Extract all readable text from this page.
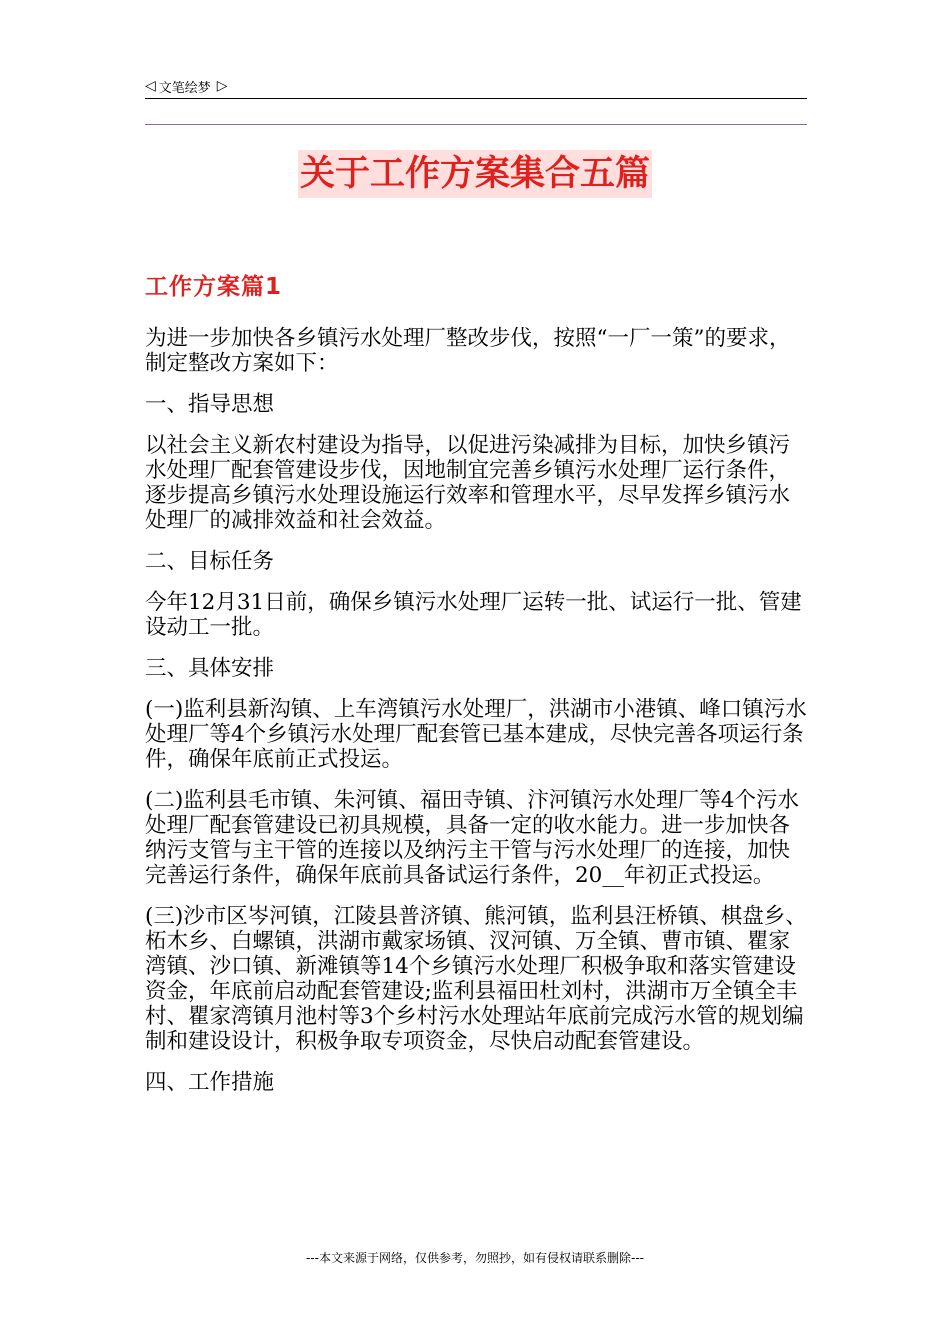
◁ 文笔绘梦 ▷
关于工作方案集合五篇
工作方案篇1

为进一步加快各乡镇污水处理厂整改步伐，按照“一厂一策”的要求，制定整改方案如下：

一、指导思想

以社会主义新农村建设为指导，以促进污染减排为目标，加快乡镇污水处理厂配套管建设步伐，因地制宜完善乡镇污水处理厂运行条件，逐步提高乡镇污水处理设施运行效率和管理水平，尽早发挥乡镇污水处理厂的减排效益和社会效益。

二、目标任务

今年12月31日前，确保乡镇污水处理厂运转一批、试运行一批、管建设动工一批。

三、具体安排

(一)监利县新沟镇、上车湾镇污水处理厂，洪湖市小港镇、峰口镇污水处理厂等4个乡镇污水处理厂配套管已基本建成，尽快完善各项运行条件，确保年底前正式投运。

(二)监利县毛市镇、朱河镇、福田寺镇、汴河镇污水处理厂等4个污水处理厂配套管建设已初具规模，具备一定的收水能力。进一步加快各纳污支管与主干管的连接以及纳污主干管与污水处理厂的连接，加快完善运行条件，确保年底前具备试运行条件，20__年初正式投运。

(三)沙市区岑河镇，江陵县普济镇、熊河镇，监利县汪桥镇、棋盘乡、柘木乡、白螺镇，洪湖市戴家场镇、汊河镇、万全镇、曹市镇、瞿家湾镇、沙口镇、新滩镇等14个乡镇污水处理厂积极争取和落实管建设资金，年底前启动配套管建设;监利县福田杜刘村，洪湖市万全镇全丰村、瞿家湾镇月池村等3个乡村污水处理站年底前完成污水管的规划编制和建设设计，积极争取专项资金，尽快启动配套管建设。

四、工作措施

---本文来源于网络，仅供参考，勿照抄，如有侵权请联系删除---
